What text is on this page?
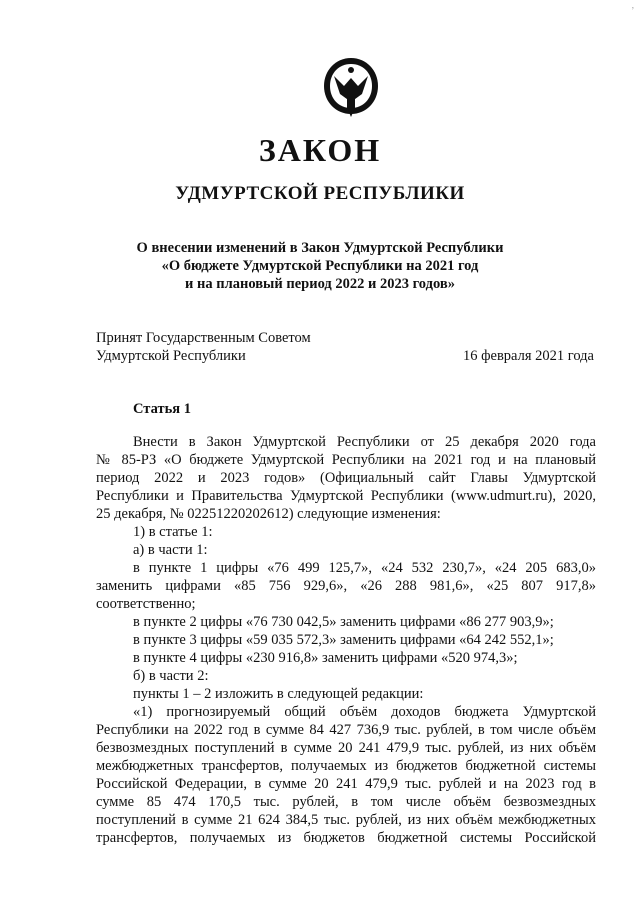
,
ЗАКОН
УДМУРТСКОЙ РЕСПУБЛИКИ
О внесении изменений в Закон Удмуртской Республики
«О бюджете Удмуртской Республики на 2021 год
и на плановый период 2022 и 2023 годов»
Принят Государственным Советом
Удмуртской Республики	16 февраля 2021 года
Статья 1
Внести в Закон Удмуртской Республики от 25 декабря 2020 года
№ 85-РЗ «О бюджете Удмуртской Республики на 2021 год и на плановый
период 2022 и 2023 годов» (Официальный сайт Главы Удмуртской
Республики и Правительства Удмуртской Республики (www.udmurt.ru), 2020,
25 декабря, № 02251220202612) следующие изменения:
1) в статье 1:
а) в части 1:
в пункте 1 цифры «76 499 125,7», «24 532 230,7», «24 205 683,0»
заменить цифрами «85 756 929,6», «26 288 981,6», «25 807 917,8»
соответственно;
в пункте 2 цифры «76 730 042,5» заменить цифрами «86 277 903,9»;
в пункте 3 цифры «59 035 572,3» заменить цифрами «64 242 552,1»;
в пункте 4 цифры «230 916,8» заменить цифрами «520 974,3»;
б) в части 2:
пункты 1 – 2 изложить в следующей редакции:
«1) прогнозируемый общий объём доходов бюджета Удмуртской
Республики на 2022 год в сумме 84 427 736,9 тыс. рублей, в том числе объём
безвозмездных поступлений в сумме 20 241 479,9 тыс. рублей, из них объём
межбюджетных трансфертов, получаемых из бюджетов бюджетной системы
Российской Федерации, в сумме 20 241 479,9 тыс. рублей и на 2023 год в
сумме 85 474 170,5 тыс. рублей, в том числе объём безвозмездных
поступлений в сумме 21 624 384,5 тыс. рублей, из них объём межбюджетных
трансфертов, получаемых из бюджетов бюджетной системы Российской
